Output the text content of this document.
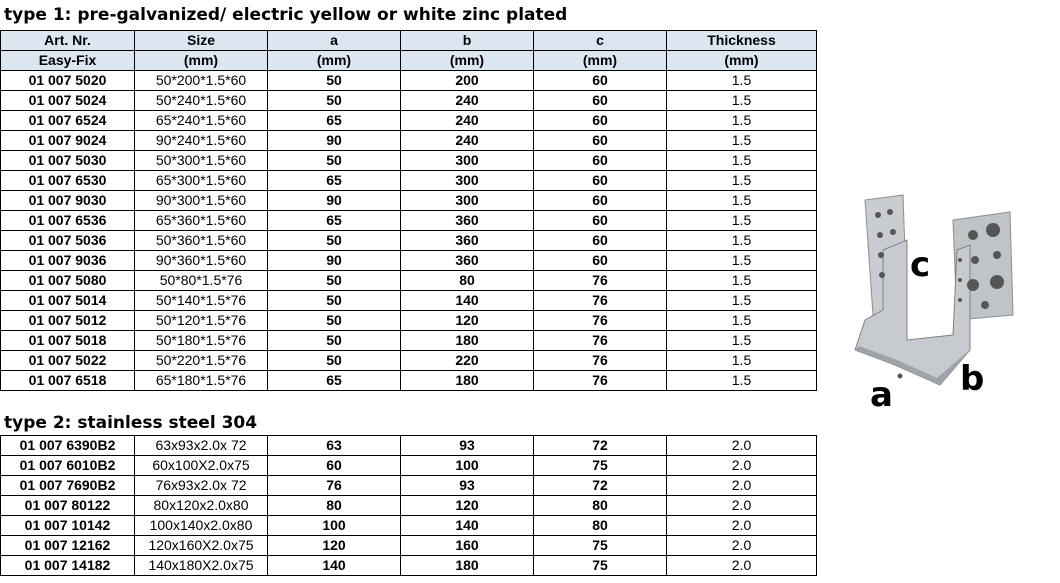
type 1: pre-galvanized/ electric yellow or white zinc plated
Art. Nr.	Size	a	b	c	Thickness
Easy-Fix	(mm)	(mm)	(mm)	(mm)	(mm)
01 007 5020	50*200*1.5*60	50	200	60	1.5
01 007 5024	50*240*1.5*60	50	240	60	1.5
01 007 6524	65*240*1.5*60	65	240	60	1.5
01 007 9024	90*240*1.5*60	90	240	60	1.5
01 007 5030	50*300*1.5*60	50	300	60	1.5
01 007 6530	65*300*1.5*60	65	300	60	1.5
01 007 9030	90*300*1.5*60	90	300	60	1.5
01 007 6536	65*360*1.5*60	65	360	60	1.5
01 007 5036	50*360*1.5*60	50	360	60	1.5
01 007 9036	90*360*1.5*60	90	360	60	1.5
01 007 5080	50*80*1.5*76	50	80	76	1.5
01 007 5014	50*140*1.5*76	50	140	76	1.5
01 007 5012	50*120*1.5*76	50	120	76	1.5
01 007 5018	50*180*1.5*76	50	180	76	1.5
01 007 5022	50*220*1.5*76	50	220	76	1.5
01 007 6518	65*180*1.5*76	65	180	76	1.5
type 2: stainless steel 304
01 007 6390B2	63x93x2.0x 72	63	93	72	2.0
01 007 6010B2	60x100X2.0x75	60	100	75	2.0
01 007 7690B2	76x93x2.0x 72	76	93	72	2.0
01 007 80122	80x120x2.0x80	80	120	80	2.0
01 007 10142	100x140x2.0x80	100	140	80	2.0
01 007 12162	120x160X2.0x75	120	160	75	2.0
01 007 14182	140x180X2.0x75	140	180	75	2.0
c
b
a
